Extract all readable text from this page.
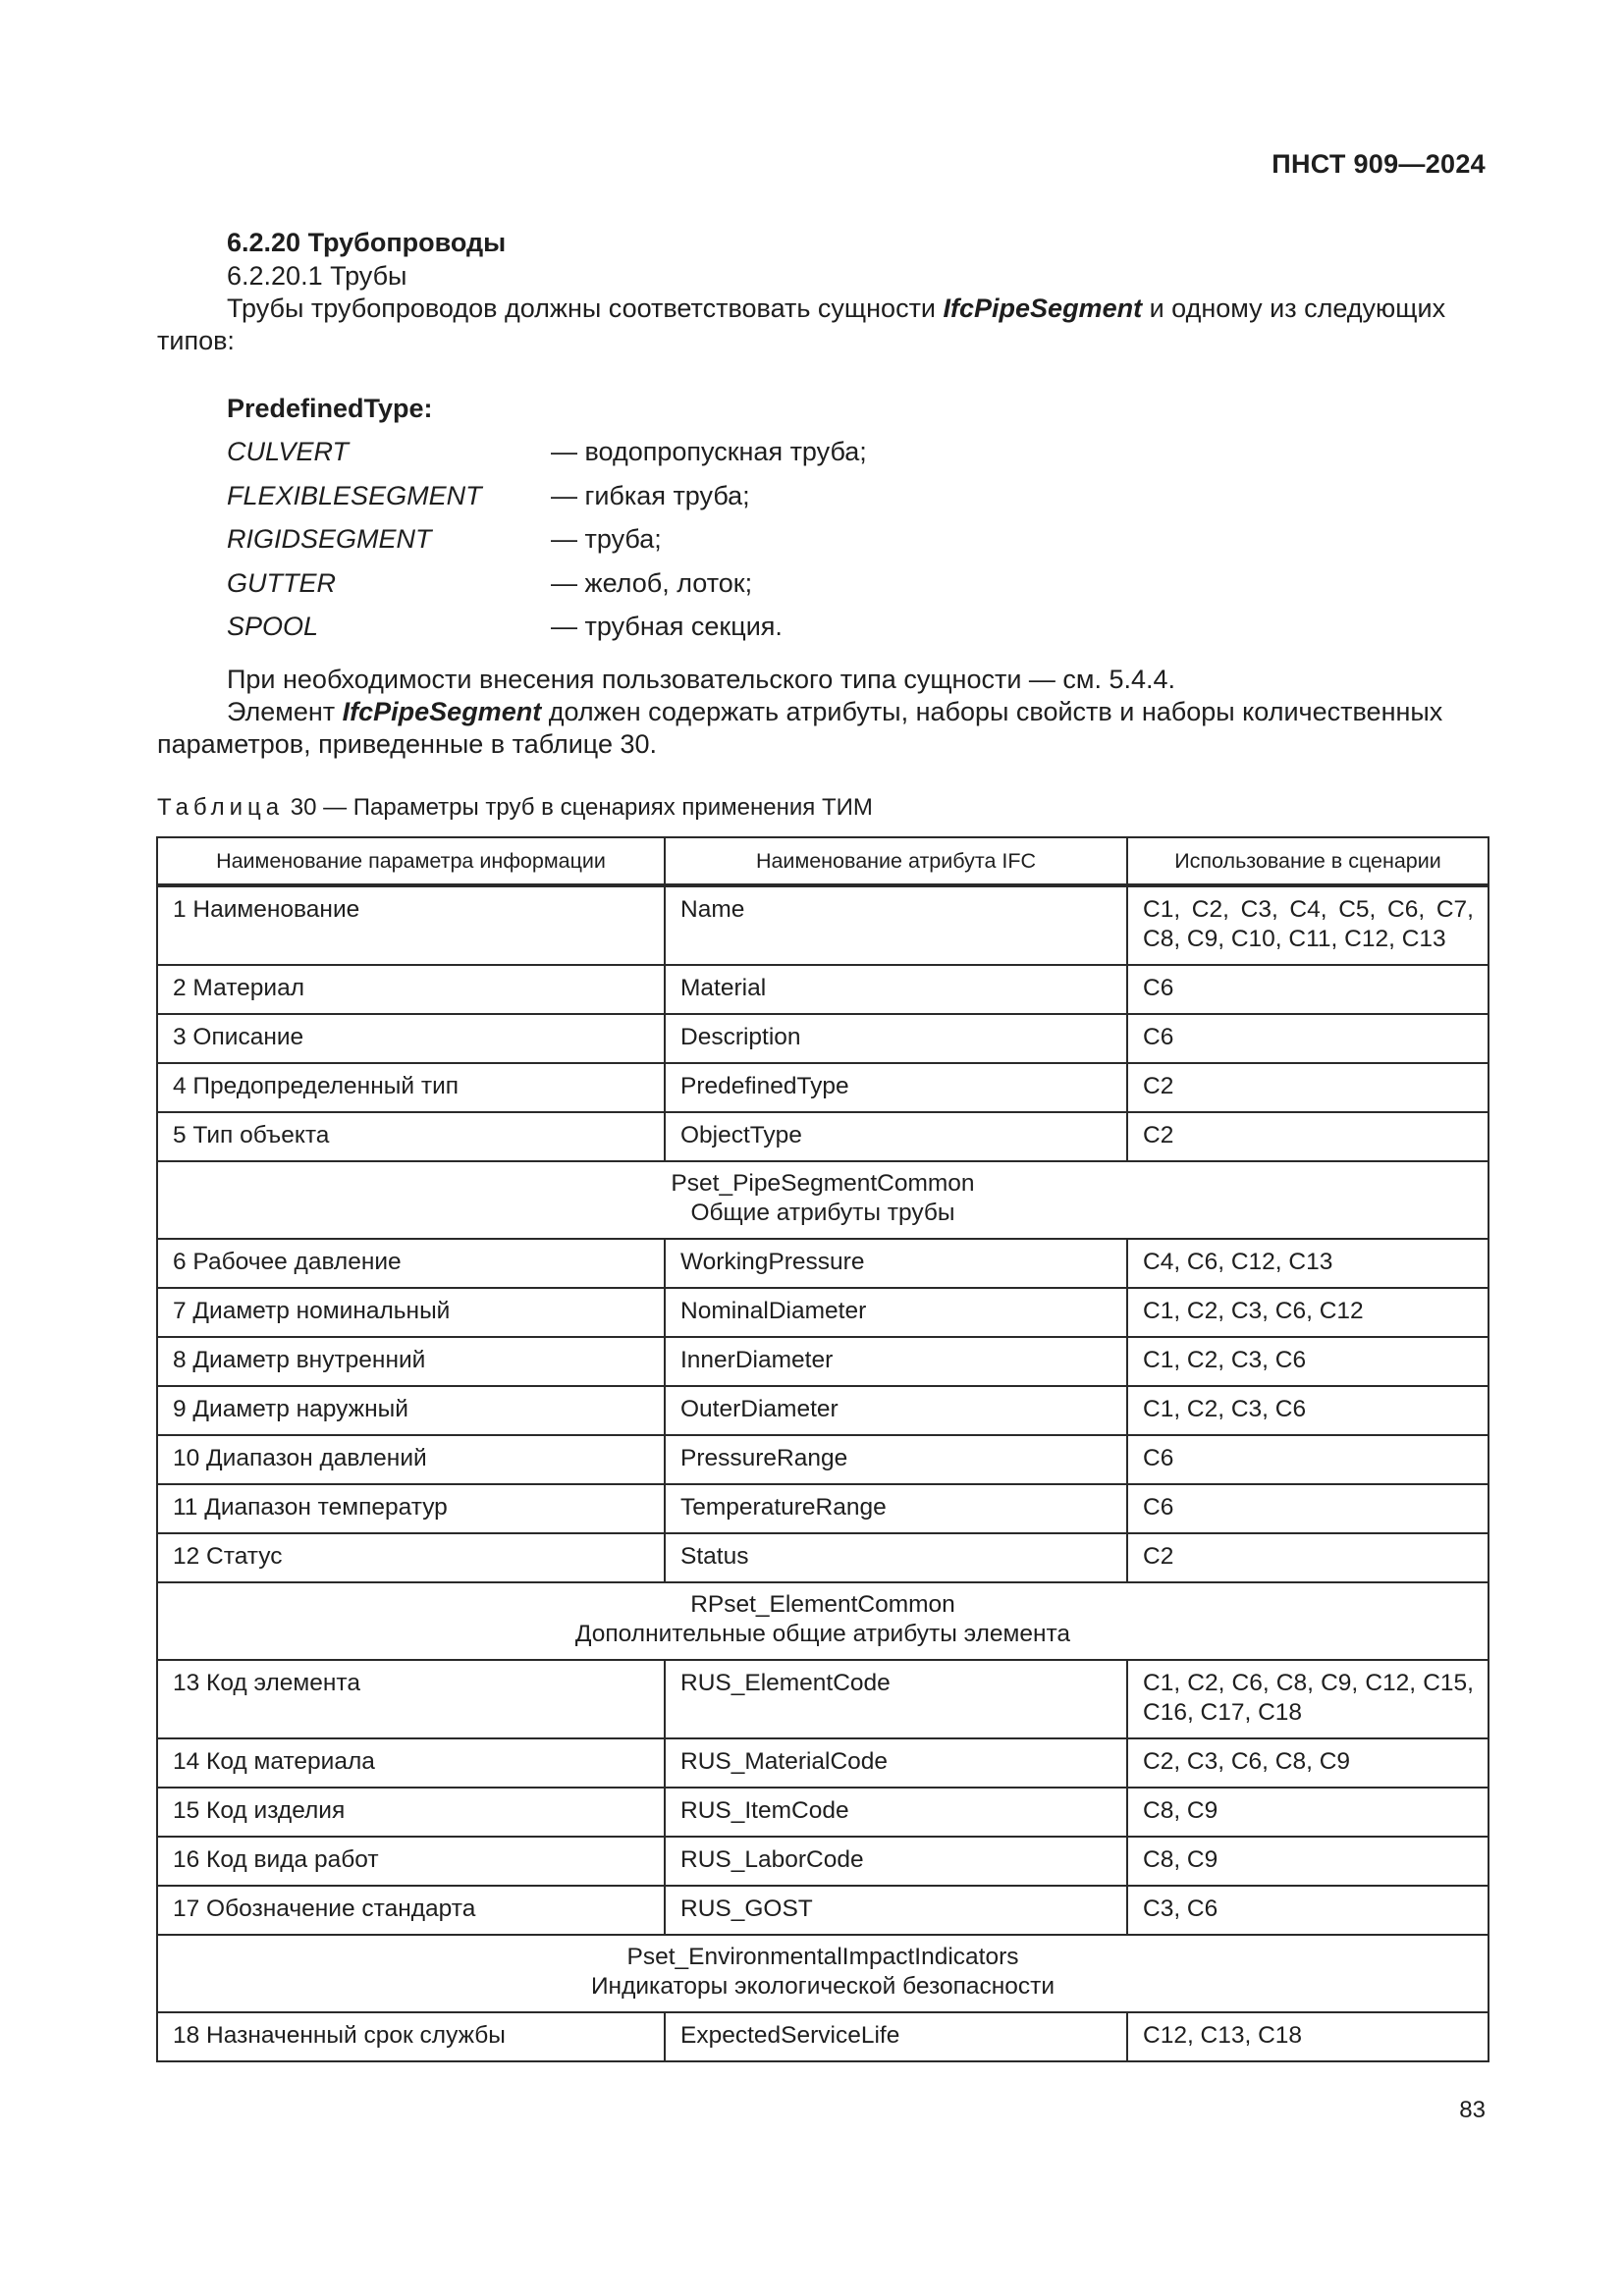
ПНСТ 909—2024
6.2.20 Трубопроводы
6.2.20.1 Трубы
Трубы трубопроводов должны соответствовать сущности IfcPipeSegment и одному из следующих типов:
PredefinedType:
CULVERT	— водопропускная труба;
FLEXIBLESEGMENT	— гибкая труба;
RIGIDSEGMENT	— труба;
GUTTER	— желоб, лоток;
SPOOL	— трубная секция.
При необходимости внесения пользовательского типа сущности — см. 5.4.4.
Элемент IfcPipeSegment должен содержать атрибуты, наборы свойств и наборы количественных параметров, приведенные в таблице 30.
Таблица 30 — Параметры труб в сценариях применения ТИМ
Наименование параметра информации	Наименование атрибута IFC	Использование в сценарии
1 Наименование	Name	С1, С2, С3, С4, С5, С6, С7, С8, С9, С10, С11, С12, С13
2 Материал	Material	С6
3 Описание	Description	С6
4 Предопределенный тип	PredefinedType	С2
5 Тип объекта	ObjectType	С2

Pset_PipeSegmentCommon
Общие атрибуты трубы		

6 Рабочее давление	WorkingPressure	С4, С6, С12, С13
7 Диаметр номинальный	NominalDiameter	С1, С2, С3, С6, С12
8 Диаметр внутренний	InnerDiameter	С1, С2, С3, С6
9 Диаметр наружный	OuterDiameter	С1, С2, С3, С6
10 Диапазон давлений	PressureRange	С6
11 Диапазон температур	TemperatureRange	С6
12 Статус	Status	С2

RPset_ElementCommon
Дополнительные общие атрибуты элемента		

13 Код элемента	RUS_ElementCode	С1, С2, С6, С8, С9, С12, С15, С16, С17, С18
14 Код материала	RUS_MaterialCode	С2, С3, С6, С8, С9
15 Код изделия	RUS_ItemCode	С8, С9
16 Код вида работ	RUS_LaborCode	С8, С9
17 Обозначение стандарта	RUS_GOST	С3, С6

Pset_EnvironmentalImpactIndicators
Индикаторы экологической безопасности		

18 Назначенный срок службы	ExpectedServiceLife	С12, С13, С18
83
